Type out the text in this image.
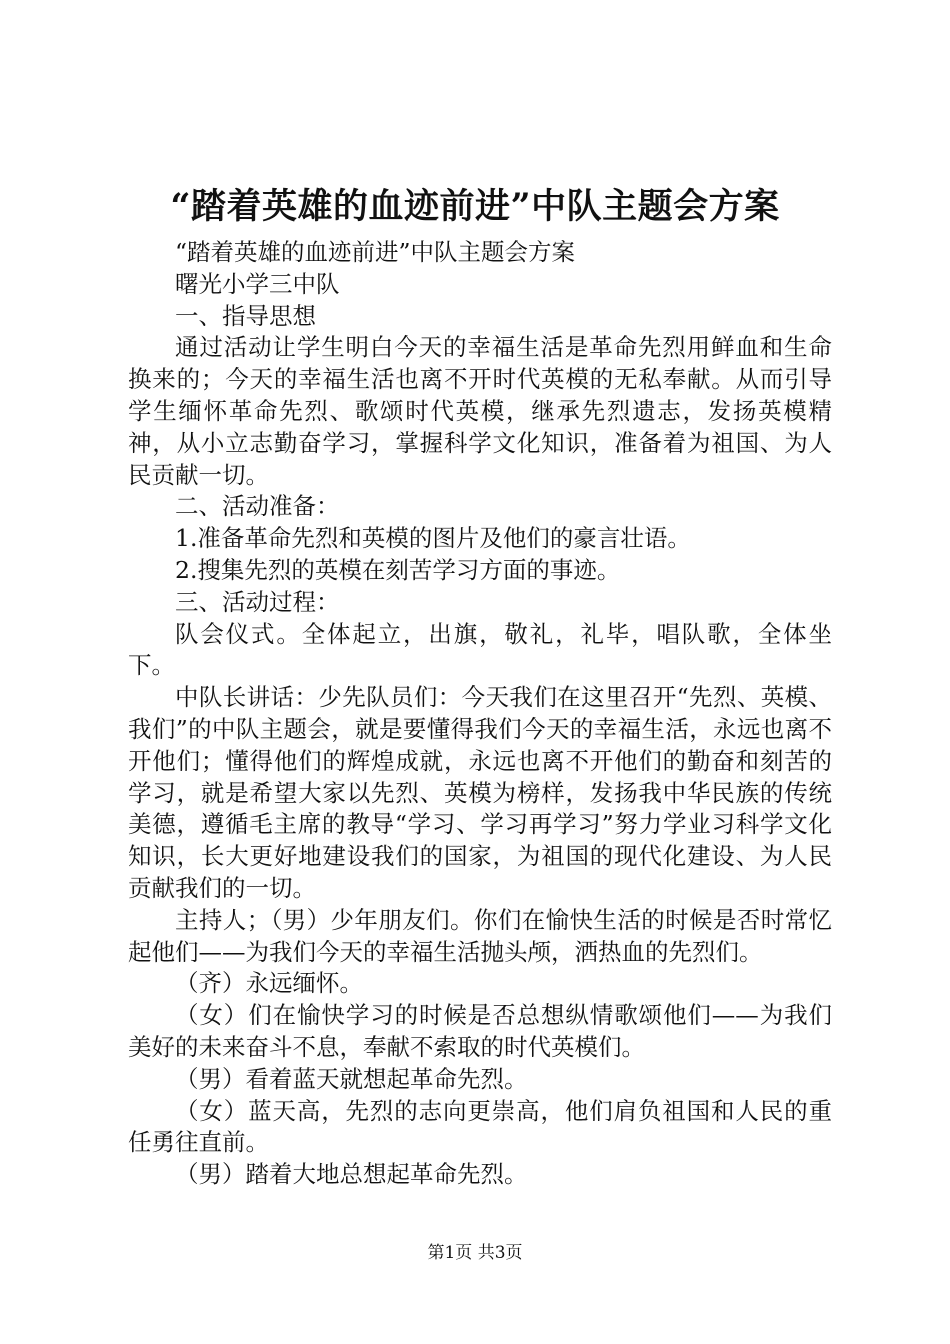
“踏着英雄的血迹前进”中队主题会方案

“踏着英雄的血迹前进”中队主题会方案

曙光小学三中队

一、指导思想

通过活动让学生明白今天的幸福生活是革命先烈用鲜血和生命换来的；今天的幸福生活也离不开时代英模的无私奉献。从而引导学生缅怀革命先烈、歌颂时代英模，继承先烈遗志，发扬英模精神，从小立志勤奋学习，掌握科学文化知识，准备着为祖国、为人民贡献一切。

二、活动准备：

1.准备革命先烈和英模的图片及他们的豪言壮语。

2.搜集先烈的英模在刻苦学习方面的事迹。

三、活动过程：

队会仪式。全体起立，出旗，敬礼，礼毕，唱队歌，全体坐下。

中队长讲话：少先队员们：今天我们在这里召开“先烈、英模、我们”的中队主题会，就是要懂得我们今天的幸福生活，永远也离不开他们；懂得他们的辉煌成就，永远也离不开他们的勤奋和刻苦的学习，就是希望大家以先烈、英模为榜样，发扬我中华民族的传统美德，遵循毛主席的教导“学习、学习再学习”努力学业习科学文化知识，长大更好地建设我们的国家，为祖国的现代化建设、为人民贡献我们的一切。

主持人；（男）少年朋友们。你们在愉快生活的时候是否时常忆起他们——为我们今天的幸福生活抛头颅，洒热血的先烈们。

（齐）永远缅怀。

（女）们在愉快学习的时候是否总想纵情歌颂他们——为我们美好的未来奋斗不息，奉献不索取的时代英模们。

（男）看着蓝天就想起革命先烈。

（女）蓝天高，先烈的志向更崇高，他们肩负祖国和人民的重任勇往直前。

（男）踏着大地总想起革命先烈。

第1页 共3页
